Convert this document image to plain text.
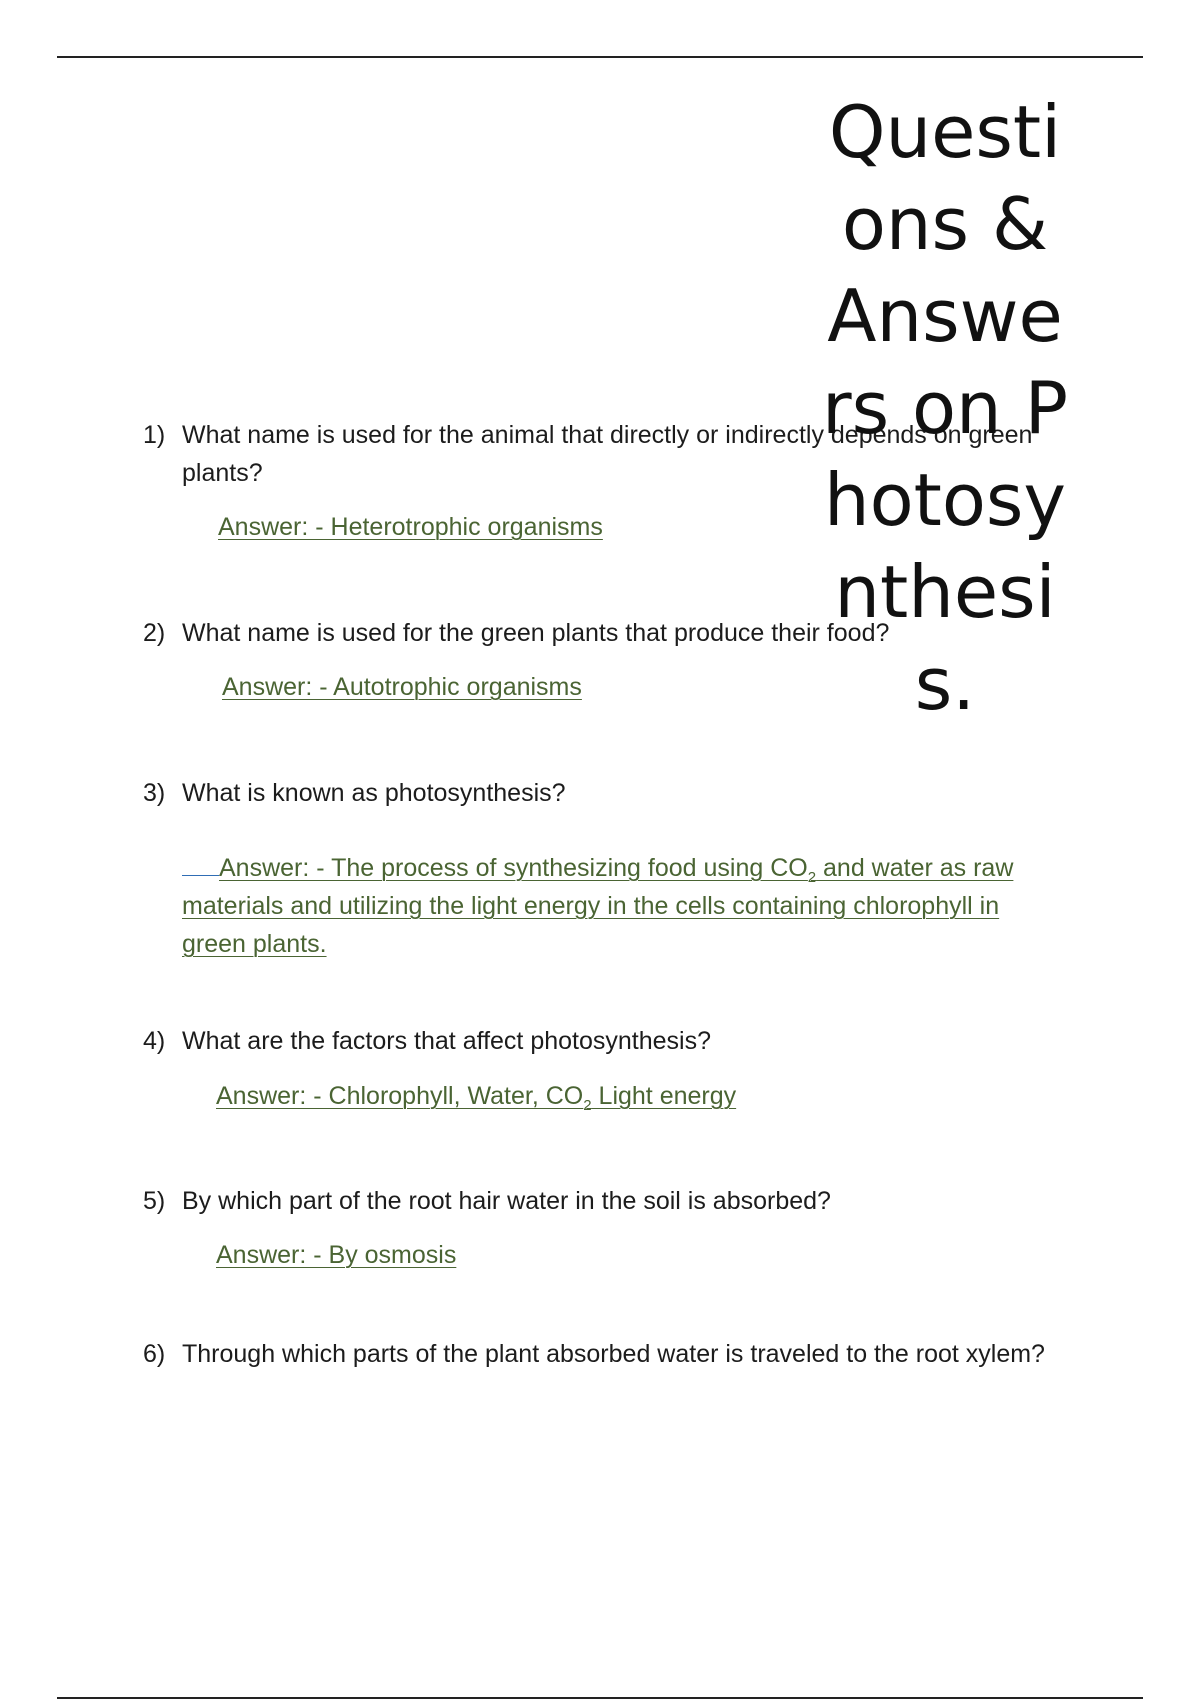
Questions & Answers on Photosynthesis.
1) What name is used for the animal that directly or indirectly depends on green plants?
Answer: - Heterotrophic organisms
2) What name is used for the green plants that produce their food?
Answer: - Autotrophic organisms
3) What is known as photosynthesis?
Answer: - The process of synthesizing food using $CO_2$ and water as raw materials and utilizing the light energy in the cells containing chlorophyll in green plants.
4) What are the factors that affect photosynthesis?
Answer: - Chlorophyll, Water, $CO_2$ Light energy
5) By which part of the root hair water in the soil is absorbed?
Answer: - By osmosis
6) Through which parts of the plant absorbed water is traveled to the root xylem?
